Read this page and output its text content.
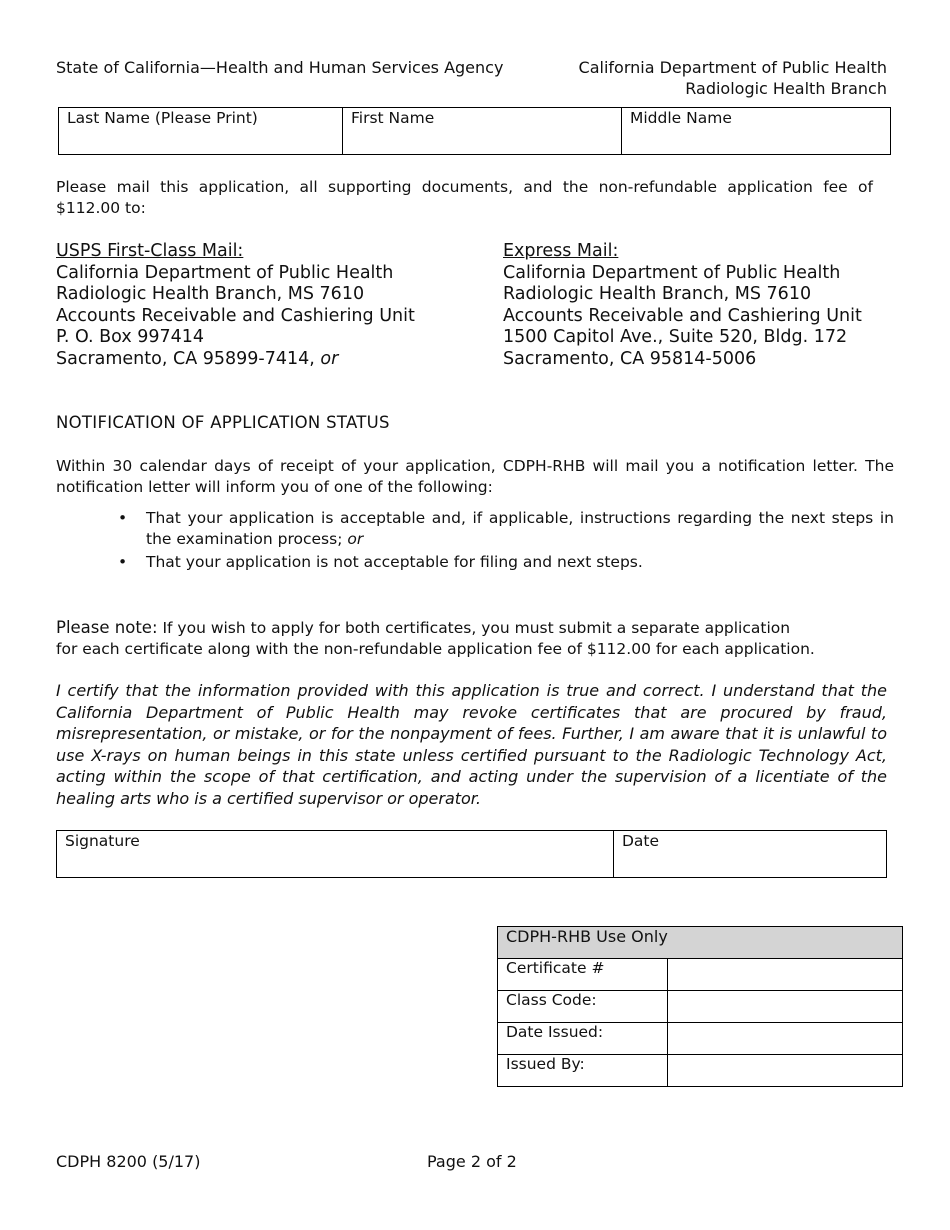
State of California—Health and Human Services Agency	California Department of Public Health
Radiologic Health Branch
Last Name (Please Print)	First Name	Middle Name
Please mail this application, all supporting documents, and the non-refundable application fee of $112.00 to:
USPS First-Class Mail:
California Department of Public Health
Radiologic Health Branch, MS 7610
Accounts Receivable and Cashiering Unit
P. O. Box 997414
Sacramento, CA 95899-7414, or
Express Mail:
California Department of Public Health
Radiologic Health Branch, MS 7610
Accounts Receivable and Cashiering Unit
1500 Capitol Ave., Suite 520, Bldg. 172
Sacramento, CA 95814-5006
NOTIFICATION OF APPLICATION STATUS
Within 30 calendar days of receipt of your application, CDPH-RHB will mail you a notification letter. The notification letter will inform you of one of the following:
• That your application is acceptable and, if applicable, instructions regarding the next steps in the examination process; or
• That your application is not acceptable for filing and next steps.
Please note: If you wish to apply for both certificates, you must submit a separate application
for each certificate along with the non-refundable application fee of $112.00 for each application.
I certify that the information provided with this application is true and correct. I understand that the California Department of Public Health may revoke certificates that are procured by fraud, misrepresentation, or mistake, or for the nonpayment of fees. Further, I am aware that it is unlawful to use X-rays on human beings in this state unless certified pursuant to the Radiologic Technology Act, acting within the scope of that certification, and acting under the supervision of a licentiate of the healing arts who is a certified supervisor or operator.
Signature	Date
CDPH-RHB Use Only	
Certificate #	
Class Code:	
Date Issued:	
Issued By:	
CDPH 8200 (5/17)	Page 2 of 2
